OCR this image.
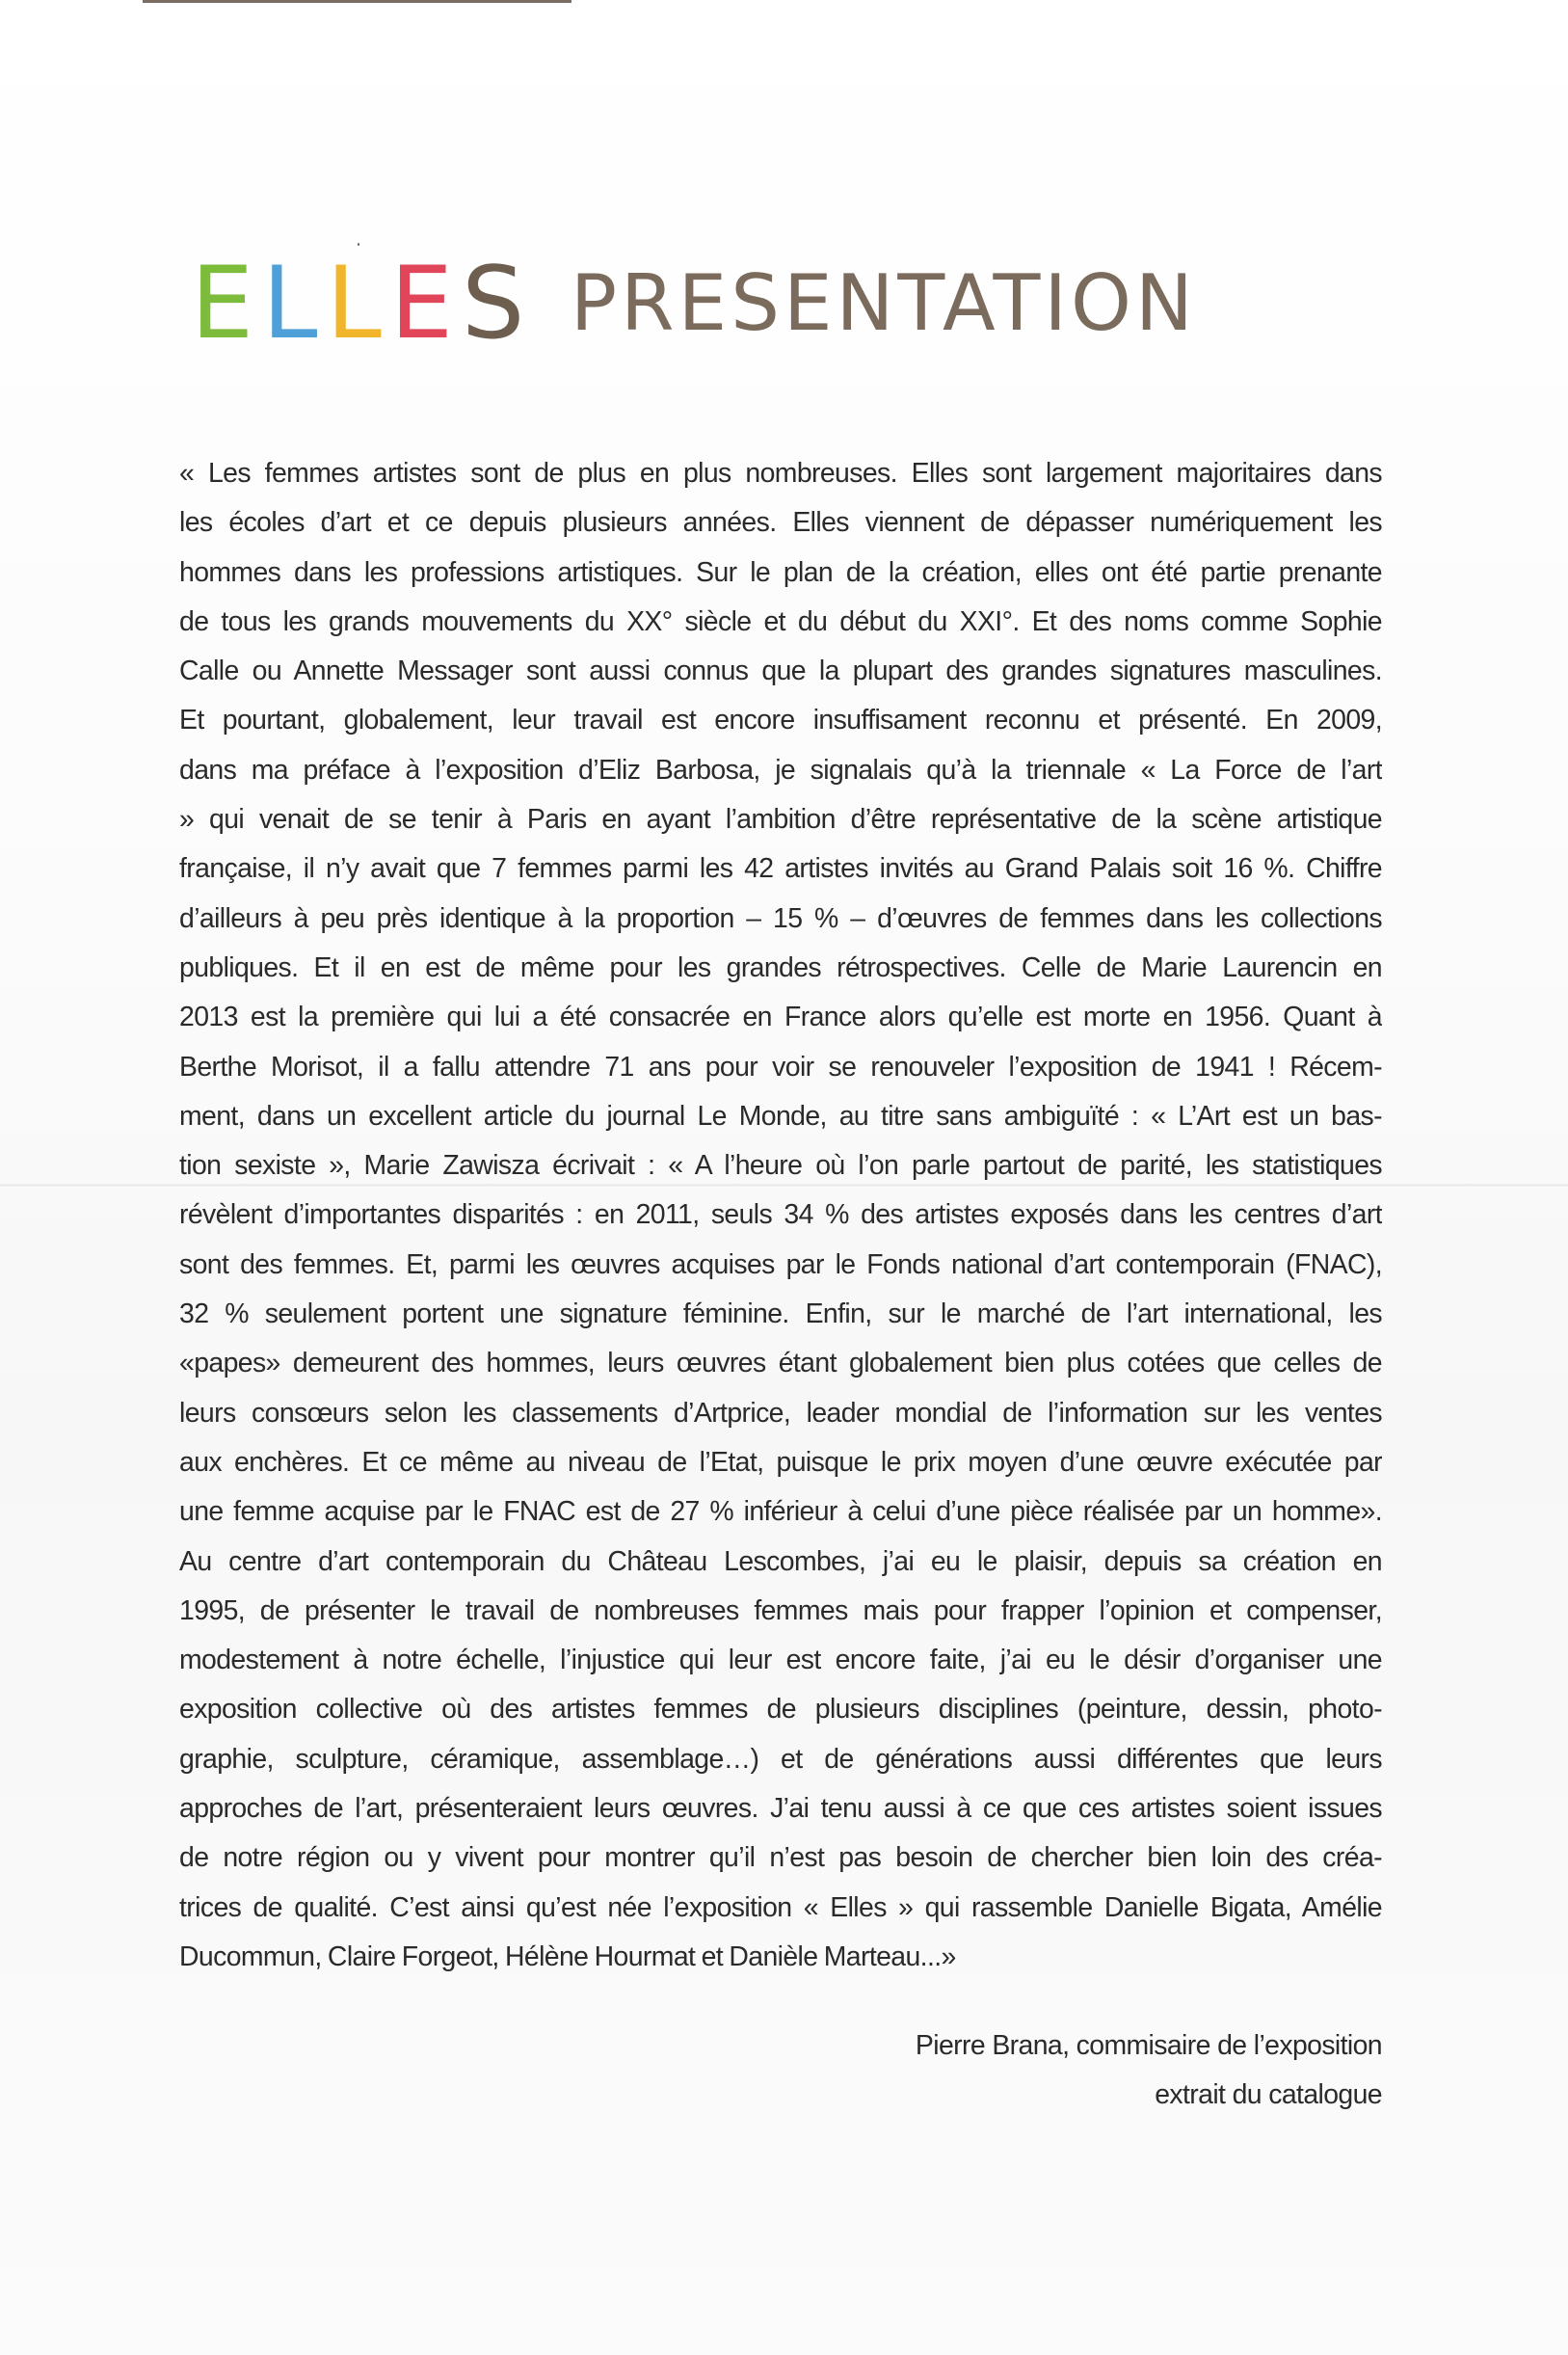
ELLES PRESENTATION
« Les femmes artistes sont de plus en plus nombreuses. Elles sont largement majoritaires dans
les écoles d’art et ce depuis plusieurs années. Elles viennent de dépasser numériquement les
hommes dans les professions artistiques. Sur le plan de la création, elles ont été partie prenante
de tous les grands mouvements du XX° siècle et du début du XXI°. Et des noms comme Sophie
Calle ou Annette Messager sont aussi connus que la plupart des grandes signatures masculines.
Et pourtant, globalement, leur travail est encore insuffisament reconnu et présenté. En 2009,
dans ma préface à l’exposition d’Eliz Barbosa, je signalais qu’à la triennale « La Force de l’art
» qui venait de se tenir à Paris en ayant l’ambition d’être représentative de la scène artistique
française, il n’y avait que 7 femmes parmi les 42 artistes invités au Grand Palais soit 16 %. Chiffre
d’ailleurs à peu près identique à la proportion – 15 % – d’œuvres de femmes dans les collections
publiques. Et il en est de même pour les grandes rétrospectives. Celle de Marie Laurencin en
2013 est la première qui lui a été consacrée en France alors qu’elle est morte en 1956. Quant à
Berthe Morisot, il a fallu attendre 71 ans pour voir se renouveler l’exposition de 1941 ! Récem-
ment, dans un excellent article du journal Le Monde, au titre sans ambiguïté : « L’Art est un bas-
tion sexiste », Marie Zawisza écrivait : « A l’heure où l’on parle partout de parité, les statistiques
révèlent d’importantes disparités : en 2011, seuls 34 % des artistes exposés dans les centres d’art
sont des femmes. Et, parmi les œuvres acquises par le Fonds national d’art contemporain (FNAC),
32 % seulement portent une signature féminine. Enfin, sur le marché de l’art international, les
«papes» demeurent des hommes, leurs œuvres étant globalement bien plus cotées que celles de
leurs consœurs selon les classements d’Artprice, leader mondial de l’information sur les ventes
aux enchères. Et ce même au niveau de l’Etat, puisque le prix moyen d’une œuvre exécutée par
une femme acquise par le FNAC est de 27 % inférieur à celui d’une pièce réalisée par un homme».
Au centre d’art contemporain du Château Lescombes, j’ai eu le plaisir, depuis sa création en
1995, de présenter le travail de nombreuses femmes mais pour frapper l’opinion et compenser,
modestement à notre échelle, l’injustice qui leur est encore faite, j’ai eu le désir d’organiser une
exposition collective où des artistes femmes de plusieurs disciplines (peinture, dessin, photo-
graphie, sculpture, céramique, assemblage…) et de générations aussi différentes que leurs
approches de l’art, présenteraient leurs œuvres. J’ai tenu aussi à ce que ces artistes soient issues
de notre région ou y vivent pour montrer qu’il n’est pas besoin de chercher bien loin des créa-
trices de qualité. C’est ainsi qu’est née l’exposition « Elles » qui rassemble Danielle Bigata, Amélie
Ducommun, Claire Forgeot, Hélène Hourmat et Danièle Marteau...»
Pierre Brana, commisaire de l’exposition
extrait du catalogue
